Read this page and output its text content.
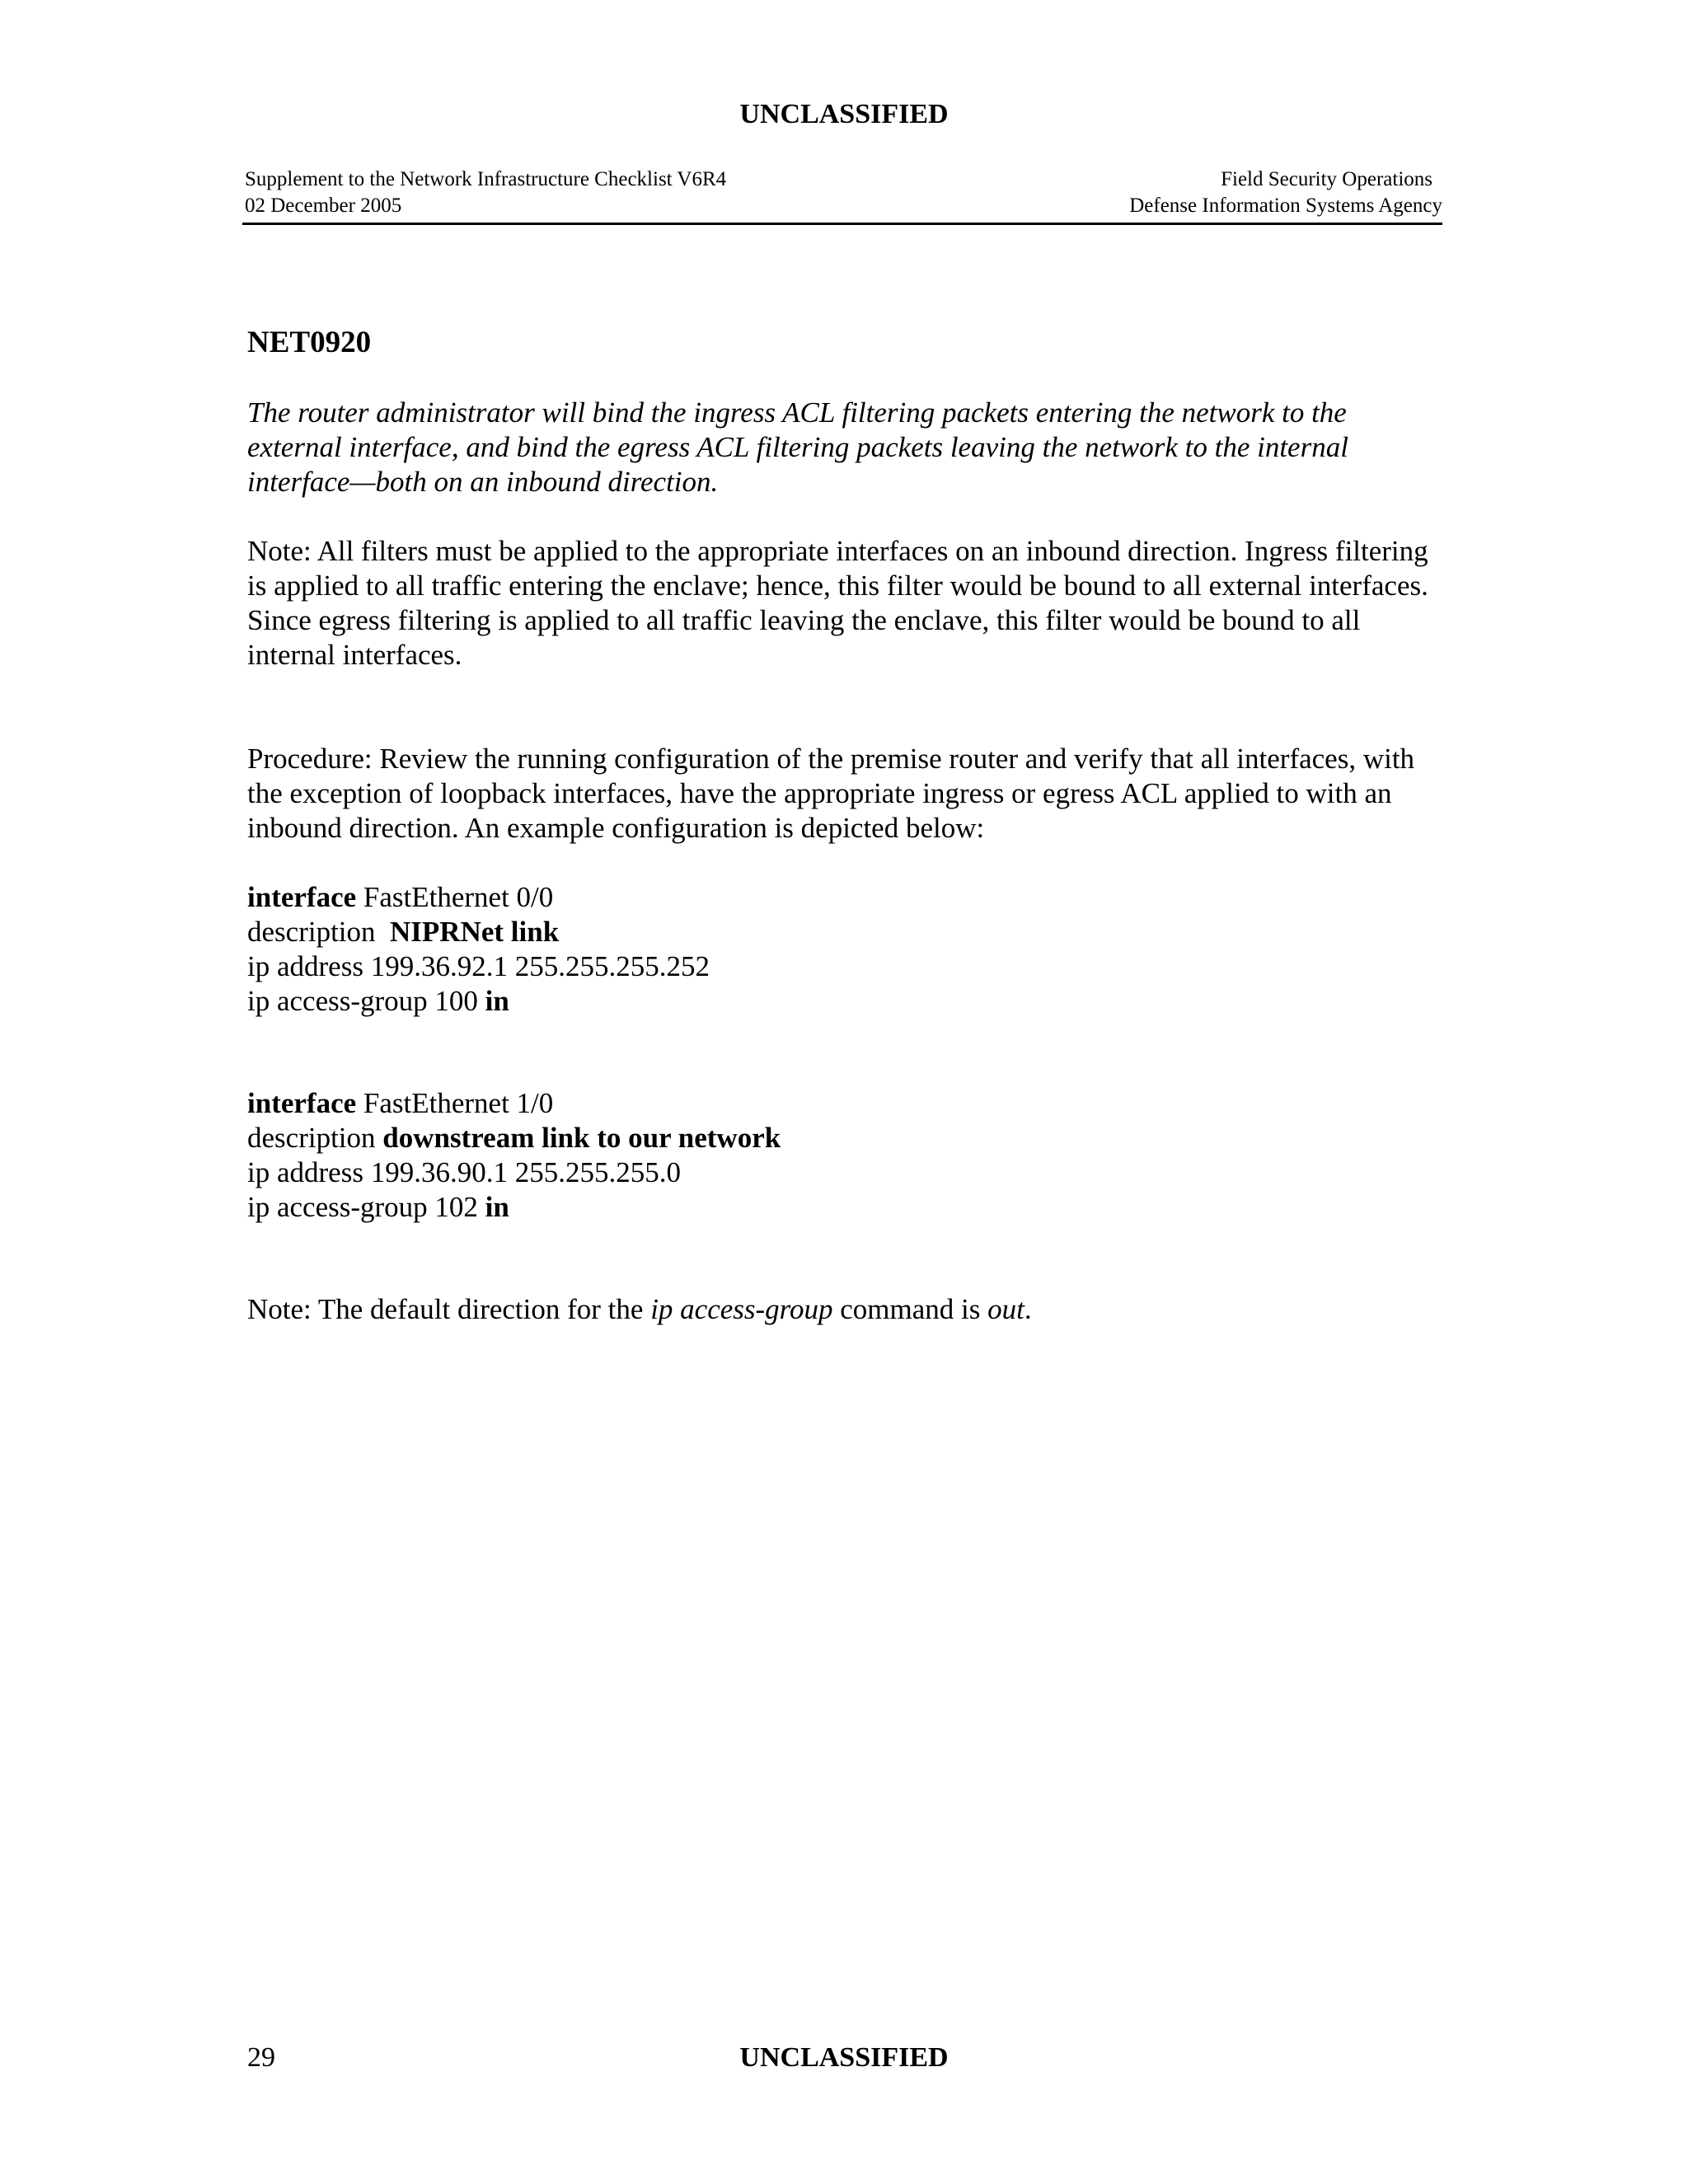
UNCLASSIFIED
Supplement to the Network Infrastructure Checklist V6R4
02 December 2005
Field Security Operations
Defense Information Systems Agency
NET0920
The router administrator will bind the ingress ACL filtering packets entering the network to the external interface, and bind the egress ACL filtering packets leaving the network to the internal interface—both on an inbound direction.
Note: All filters must be applied to the appropriate interfaces on an inbound direction. Ingress filtering is applied to all traffic entering the enclave; hence, this filter would be bound to all external interfaces. Since egress filtering is applied to all traffic leaving the enclave, this filter would be bound to all internal interfaces.
Procedure: Review the running configuration of the premise router and verify that all interfaces, with the exception of loopback interfaces, have the appropriate ingress or egress ACL applied to with an inbound direction. An example configuration is depicted below:
interface FastEthernet 0/0
description  NIPRNet link
ip address 199.36.92.1 255.255.255.252
ip access-group 100 in
interface FastEthernet 1/0
description downstream link to our network
ip address 199.36.90.1 255.255.255.0
ip access-group 102 in
Note: The default direction for the ip access-group command is out.
29	UNCLASSIFIED
